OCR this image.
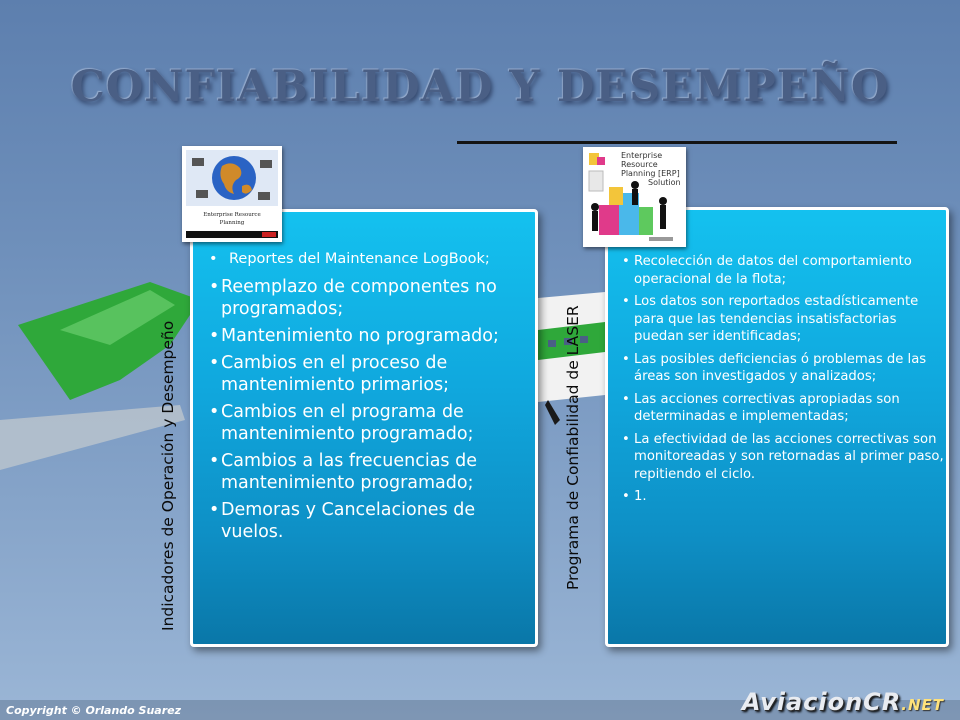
CONFIABILIDAD Y DESEMPEÑO
• Reportes del Maintenance LogBook;
• Reemplazo de componentes no programados;
• Mantenimiento no programado;
• Cambios en el proceso de mantenimiento primarios;
• Cambios en el programa de mantenimiento programado;
• Cambios a las frecuencias de mantenimiento programado;
• Demoras y Cancelaciones de vuelos.
Enterprise Resource
Planning
Indicadores de Operación y Desempeño
• Recolección de datos del comportamiento operacional de la flota;
• Los datos son reportados estadísticamente para que las tendencias insatisfactorias puedan ser identificadas;
• Las posibles deficiencias ó problemas de las áreas son investigados y analizados;
• Las acciones correctivas apropiadas son determinadas e implementadas;
• La efectividad de las acciones correctivas son monitoreadas y son retornadas al primer paso, repitiendo el ciclo.
• 1.
Enterprise
Resource
Planning [ERP]
Solution
Programa de Confiabilidad de LASER
Copyright © Orlando Suarez	AviacionCR.NET
